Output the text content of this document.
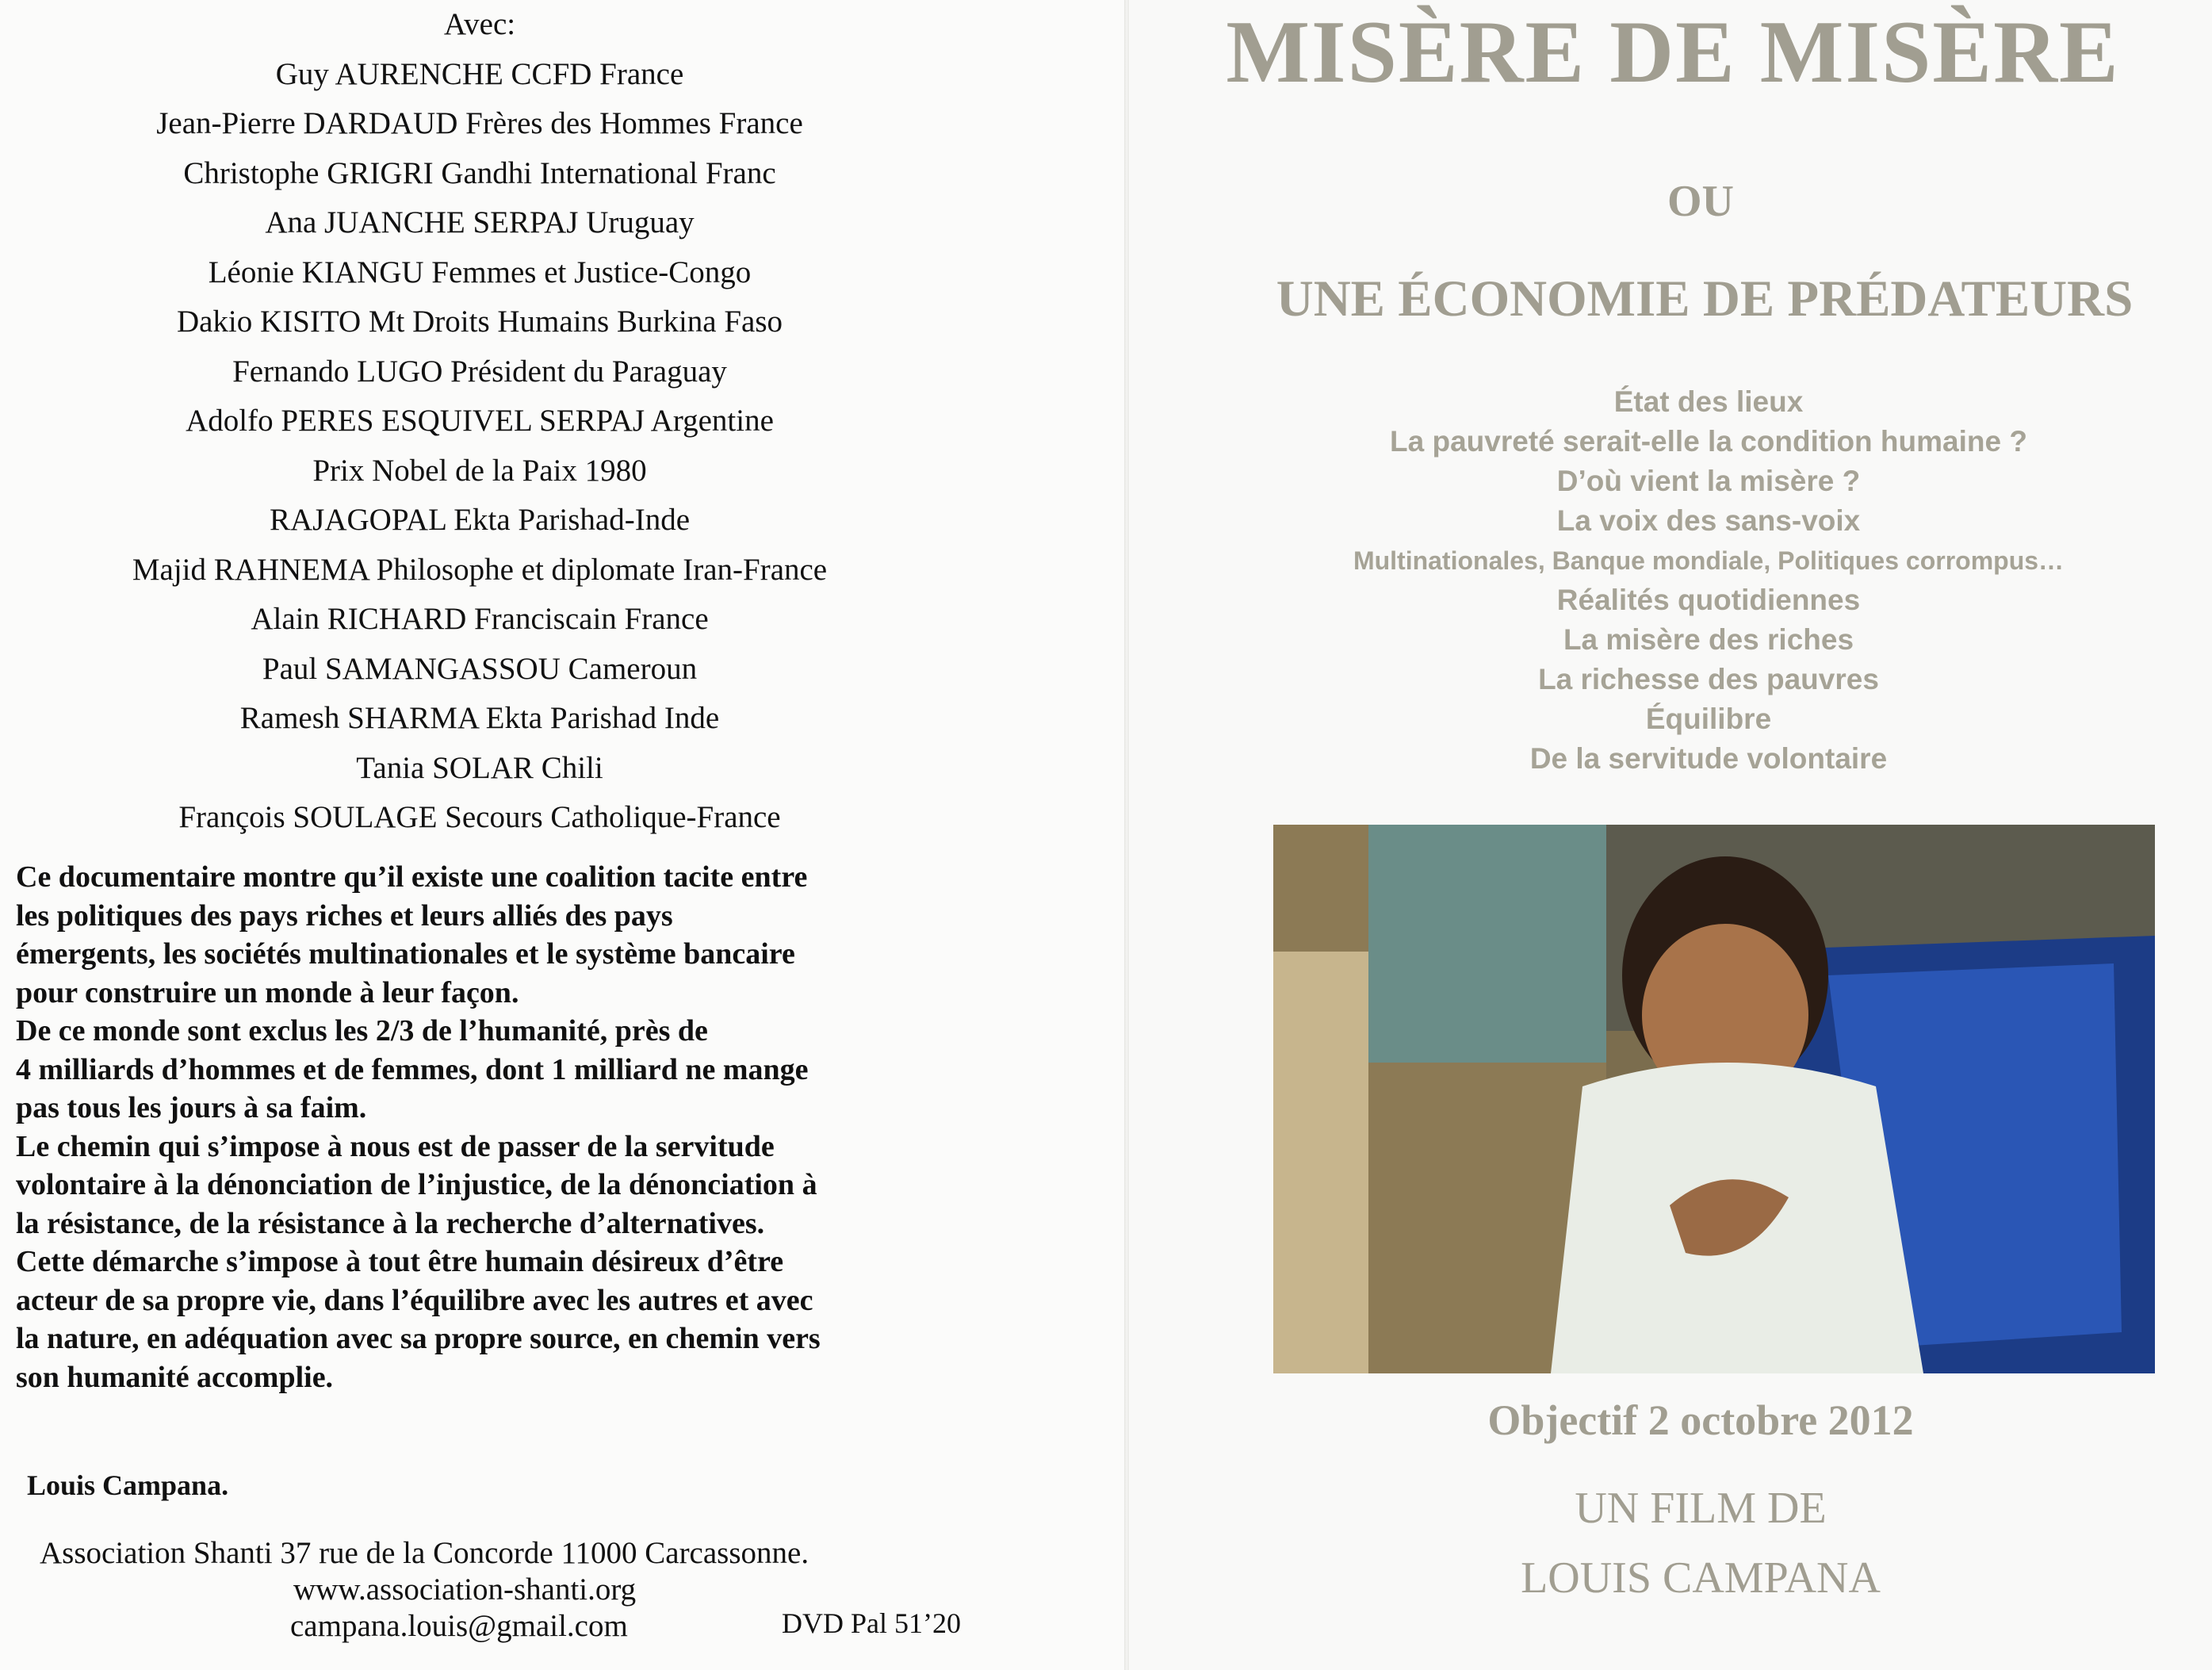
Avec:
Guy AURENCHE CCFD France
Jean-Pierre DARDAUD Frères des Hommes France
Christophe GRIGRI Gandhi International Franc
Ana JUANCHE SERPAJ Uruguay
Léonie KIANGU Femmes et Justice-Congo
Dakio KISITO Mt Droits Humains Burkina Faso
Fernando LUGO Président du Paraguay
Adolfo PERES ESQUIVEL SERPAJ Argentine
Prix Nobel de la Paix 1980
RAJAGOPAL Ekta Parishad-Inde
Majid RAHNEMA Philosophe et diplomate Iran-France
Alain RICHARD Franciscain France
Paul SAMANGASSOU Cameroun
Ramesh SHARMA Ekta Parishad Inde
Tania SOLAR Chili
François SOULAGE Secours Catholique-France
Ce documentaire montre qu’il existe une coalition tacite entre
les politiques des pays riches et leurs alliés des pays
émergents, les sociétés multinationales et le système bancaire
pour construire un monde à leur façon.
De ce monde sont exclus les 2/3 de l’humanité, près de
4 milliards d’hommes et de femmes, dont 1 milliard ne mange
pas tous les jours à sa faim.
Le chemin qui s’impose à nous est de passer de la servitude
volontaire à la dénonciation de l’injustice, de la dénonciation à
la résistance, de la résistance à la recherche d’alternatives.
Cette démarche s’impose à tout être humain désireux d’être
acteur de sa propre vie, dans l’équilibre avec les autres et avec
la nature, en adéquation avec sa propre source, en chemin vers
son humanité accomplie.
Louis Campana.
Association Shanti 37 rue de la Concorde 11000 Carcassonne.
www.association-shanti.org
campana.louis@gmail.com	DVD Pal 51’20
MISÈRE DE MISÈRE
OU
UNE ÉCONOMIE DE PRÉDATEURS
État des lieux
La pauvreté serait-elle la condition humaine ?
D’où vient la misère ?
La voix des sans-voix
Multinationales, Banque mondiale, Politiques corrompus…
Réalités quotidiennes
La misère des riches
La richesse des pauvres
Équilibre
De la servitude volontaire
Objectif 2 octobre 2012
UN FILM DE
LOUIS CAMPANA
